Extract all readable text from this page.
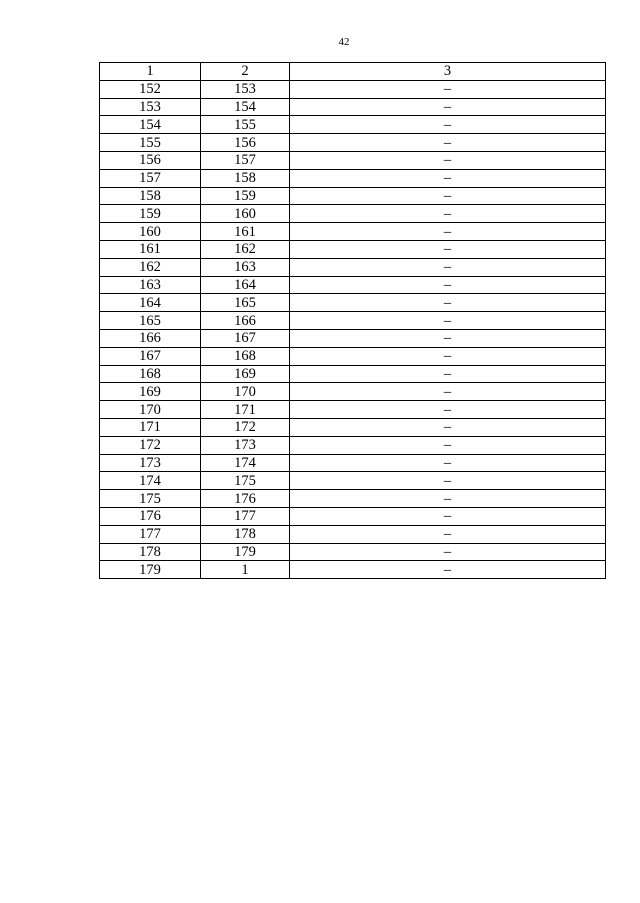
42
1	2	3
152	153	–
153	154	–
154	155	–
155	156	–
156	157	–
157	158	–
158	159	–
159	160	–
160	161	–
161	162	–
162	163	–
163	164	–
164	165	–
165	166	–
166	167	–
167	168	–
168	169	–
169	170	–
170	171	–
171	172	–
172	173	–
173	174	–
174	175	–
175	176	–
176	177	–
177	178	–
178	179	–
179	1	–
